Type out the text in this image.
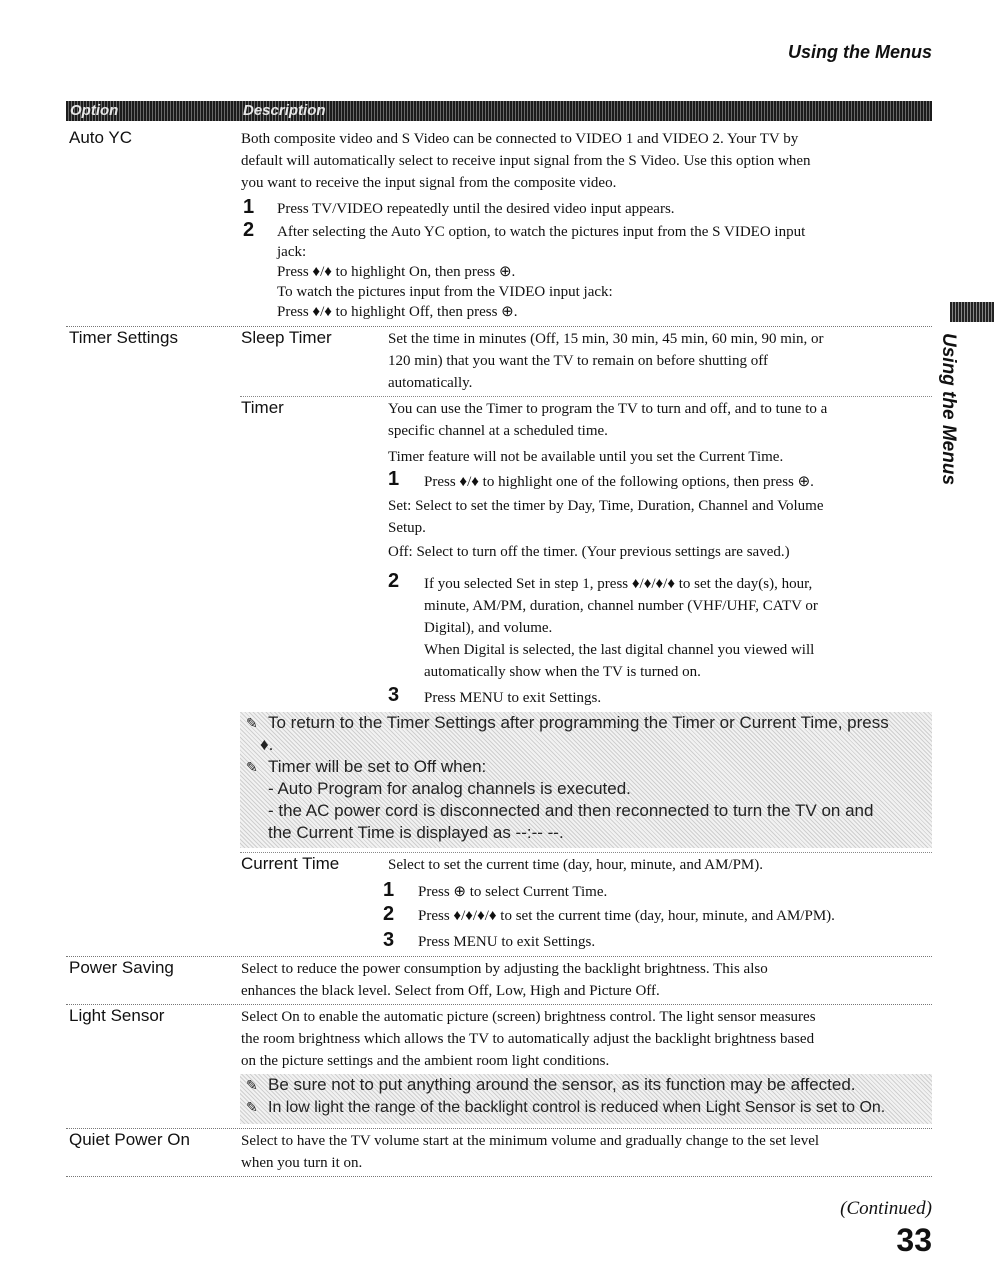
Using the Menus
Option	Description
Auto YC	Both composite video and S Video can be connected to VIDEO 1 and VIDEO 2. Your TV by
default will automatically select to receive input signal from the S Video. Use this option when
you want to receive the input signal from the composite video.
1 Press TV/VIDEO repeatedly until the desired video input appears.
2 After selecting the Auto YC option, to watch the pictures input from the S VIDEO input
jack:
Press ♦/♦ to highlight On, then press ⊕.
To watch the pictures input from the VIDEO input jack:
Press ♦/♦ to highlight Off, then press ⊕.
Timer Settings	Sleep Timer	Set the time in minutes (Off, 15 min, 30 min, 45 min, 60 min, 90 min, or
120 min) that you want the TV to remain on before shutting off
automatically.
Timer	You can use the Timer to program the TV to turn and off, and to tune to a
specific channel at a scheduled time.
Timer feature will not be available until you set the Current Time.
1 Press ♦/♦ to highlight one of the following options, then press ⊕.
Set: Select to set the timer by Day, Time, Duration, Channel and Volume
Setup.
Off: Select to turn off the timer. (Your previous settings are saved.)
2 If you selected Set in step 1, press ♦/♦/♦/♦ to set the day(s), hour,
minute, AM/PM, duration, channel number (VHF/UHF, CATV or
Digital), and volume.
When Digital is selected, the last digital channel you viewed will
automatically show when the TV is turned on.
3 Press MENU to exit Settings.
✎ To return to the Timer Settings after programming the Timer or Current Time, press
♦.
✎ Timer will be set to Off when:
- Auto Program for analog channels is executed.
- the AC power cord is disconnected and then reconnected to turn the TV on and
the Current Time is displayed as --:-- --.
Current Time	Select to set the current time (day, hour, minute, and AM/PM).
1 Press ⊕ to select Current Time.
2 Press ♦/♦/♦/♦ to set the current time (day, hour, minute, and AM/PM).
3 Press MENU to exit Settings.
Power Saving	Select to reduce the power consumption by adjusting the backlight brightness. This also
enhances the black level. Select from Off, Low, High and Picture Off.
Light Sensor	Select On to enable the automatic picture (screen) brightness control. The light sensor measures
the room brightness which allows the TV to automatically adjust the backlight brightness based
on the picture settings and the ambient room light conditions.
✎ Be sure not to put anything around the sensor, as its function may be affected.
✎ In low light the range of the backlight control is reduced when Light Sensor is set to On.
Quiet Power On	Select to have the TV volume start at the minimum volume and gradually change to the set level
when you turn it on.
Using the Menus
(Continued)
33
